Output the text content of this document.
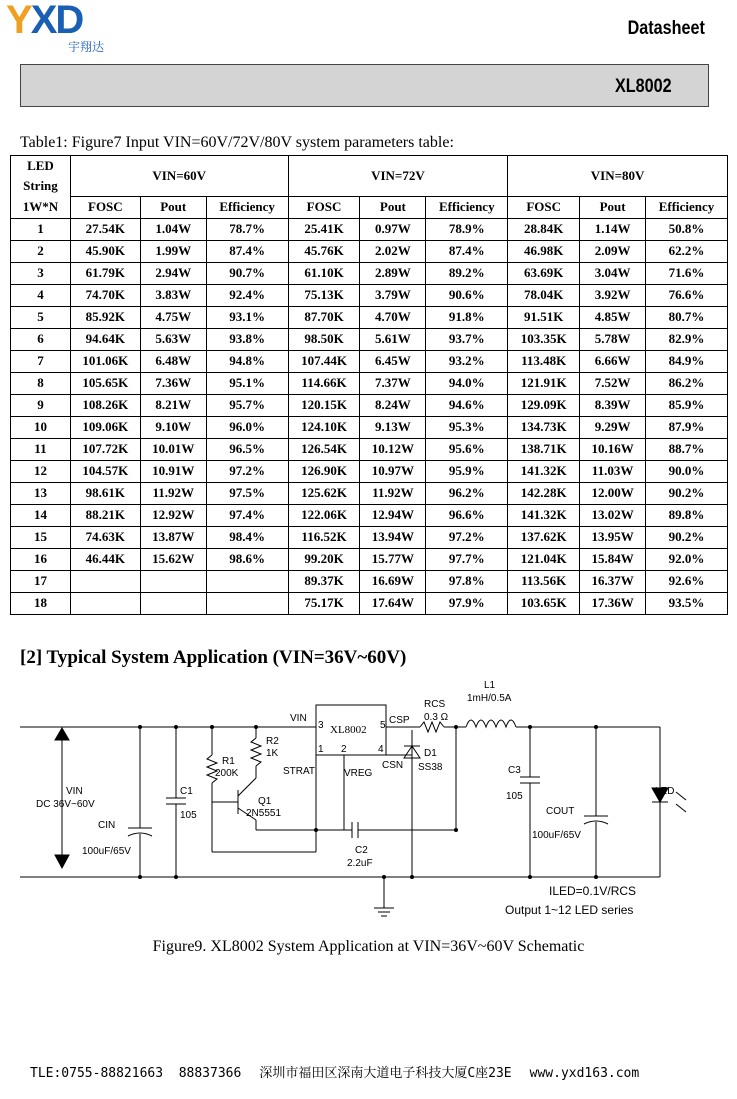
YXD
宇翔达
Datasheet
XL8002
Table1: Figure7 Input VIN=60V/72V/80V system parameters table:
LED	VIN=60V			VIN=72V			VIN=80V		
String									
1W*N	FOSC	Pout	Efficiency	FOSC	Pout	Efficiency	FOSC	Pout	Efficiency
1	27.54K	1.04W	78.7%	25.41K	0.97W	78.9%	28.84K	1.14W	50.8%
2	45.90K	1.99W	87.4%	45.76K	2.02W	87.4%	46.98K	2.09W	62.2%
3	61.79K	2.94W	90.7%	61.10K	2.89W	89.2%	63.69K	3.04W	71.6%
4	74.70K	3.83W	92.4%	75.13K	3.79W	90.6%	78.04K	3.92W	76.6%
5	85.92K	4.75W	93.1%	87.70K	4.70W	91.8%	91.51K	4.85W	80.7%
6	94.64K	5.63W	93.8%	98.50K	5.61W	93.7%	103.35K	5.78W	82.9%
7	101.06K	6.48W	94.8%	107.44K	6.45W	93.2%	113.48K	6.66W	84.9%
8	105.65K	7.36W	95.1%	114.66K	7.37W	94.0%	121.91K	7.52W	86.2%
9	108.26K	8.21W	95.7%	120.15K	8.24W	94.6%	129.09K	8.39W	85.9%
10	109.06K	9.10W	96.0%	124.10K	9.13W	95.3%	134.73K	9.29W	87.9%
11	107.72K	10.01W	96.5%	126.54K	10.12W	95.6%	138.71K	10.16W	88.7%
12	104.57K	10.91W	97.2%	126.90K	10.97W	95.9%	141.32K	11.03W	90.0%
13	98.61K	11.92W	97.5%	125.62K	11.92W	96.2%	142.28K	12.00W	90.2%
14	88.21K	12.92W	97.4%	122.06K	12.94W	96.6%	141.32K	13.02W	89.8%
15	74.63K	13.87W	98.4%	116.52K	13.94W	97.2%	137.62K	13.95W	90.2%
16	46.44K	15.62W	98.6%	99.20K	15.77W	97.7%	121.04K	15.84W	92.0%
17				89.37K	16.69W	97.8%	113.56K	16.37W	92.6%
18				75.17K	17.64W	97.9%	103.65K	17.36W	93.5%
[2] Typical System Application (VIN=36V~60V)
XL8002
VIN
3	5
1 2	4
CSP
STRAT	VREG
CSN
VIN
DC 36V~60V
CIN
100uF/65V
C1
105
R1
200K
R2
1K
Q1
2N5551
C2
2.2uF
RCS
0.3 Ω
D1
SS38
L1
1mH/0.5A
C3
105
COUT
100uF/65V
LED
ILED=0.1V/RCS
Output 1~12 LED series
Figure9. XL8002 System Application at VIN=36V~60V Schematic
TLE:0755-88821663  88837366 深圳市福田区深南大道电子科技大厦C座23E www.yxd163.com
